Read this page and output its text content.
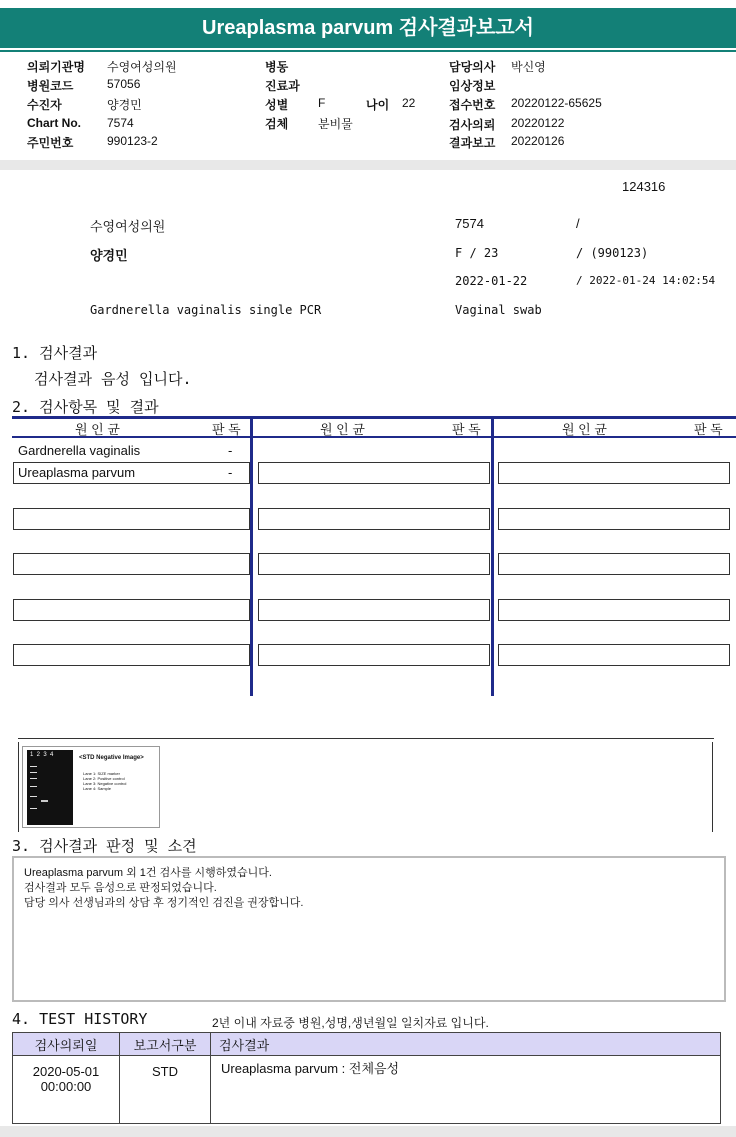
Ureaplasma parvum 검사결과보고서
의뢰기관명 수영여성의원
병원코드	57056
수진자	양경민
Chart No. 7574
주민번호	990123-2
병동
진료과
성별 F	나이 22
검체 분비물
담당의사 박신영
임상정보
접수번호 20220122-65625
검사의뢰 20220122
결과보고 20220126
124316
수영여성의원	7574	/
양경민	F / 23	/ (990123)
2022-01-22	/ 2022-01-24 14:02:54
Gardnerella vaginalis single PCR	Vaginal swab
1. 검사결과
검사결과 음성 입니다.
2. 검사항목 및 결과
원 인 균	판 독	원 인 균	판 독	원 인 균	판 독
Gardnerella vaginalis	-
Ureaplasma parvum	-
1  2  3  4	<STD Negative Image>
Lane 1: SIZE marker
Lane 2: Positive control
Lane 3: Negative control
Lane 4: Sample
3. 검사결과 판정 및 소견
Ureaplasma parvum 외 1건 검사를 시행하였습니다.
검사결과 모두 음성으로 판정되었습니다.
담당 의사 선생님과의 상담 후 정기적인 검진을 권장합니다.
4. TEST HISTORY	2년 이내 자료중 병원,성명,생년월일 일치자료 입니다.
검사의뢰일	보고서구분	검사결과

2020-05-01
00:00:00	STD	Ureaplasma parvum : 전체음성
